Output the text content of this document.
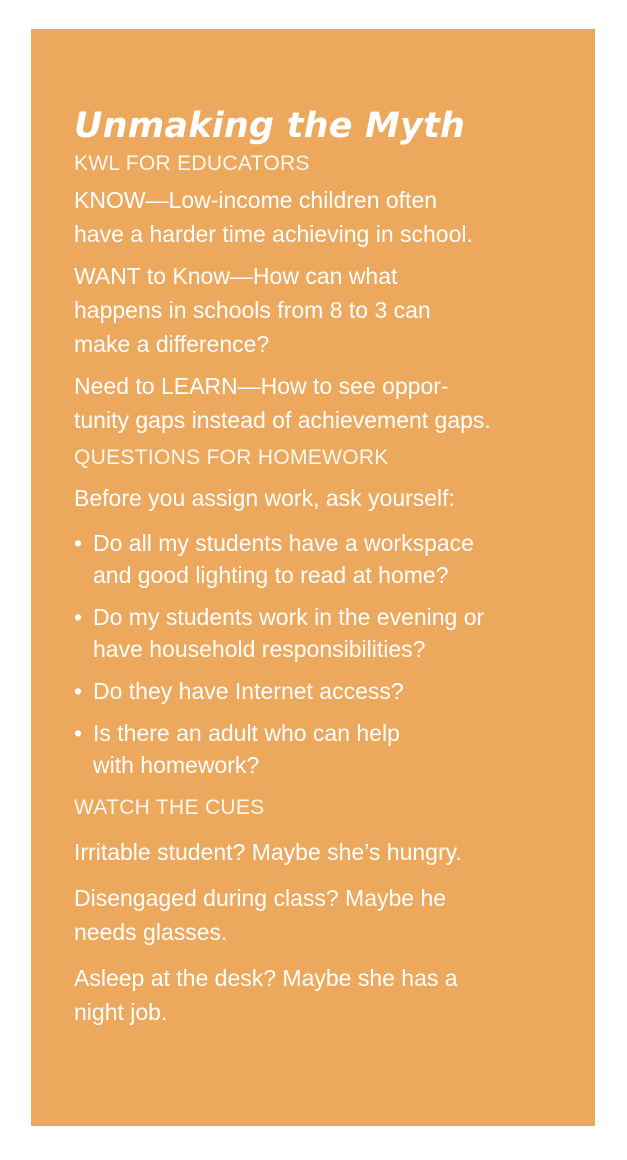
Unmaking the Myth

KWL FOR EDUCATORS

KNOW—Low-income children often
have a harder time achieving in school.

WANT to Know—How can what
happens in schools from 8 to 3 can
make a difference?

Need to LEARN—How to see oppor-
tunity gaps instead of achievement gaps.

QUESTIONS FOR HOMEWORK

Before you assign work, ask yourself:

• Do all my students have a workspace
and good lighting to read at home?
• Do my students work in the evening or
have household responsibilities?
• Do they have Internet access?
• Is there an adult who can help
with homework?

WATCH THE CUES

Irritable student? Maybe she’s hungry.

Disengaged during class? Maybe he
needs glasses.

Asleep at the desk? Maybe she has a
night job.
